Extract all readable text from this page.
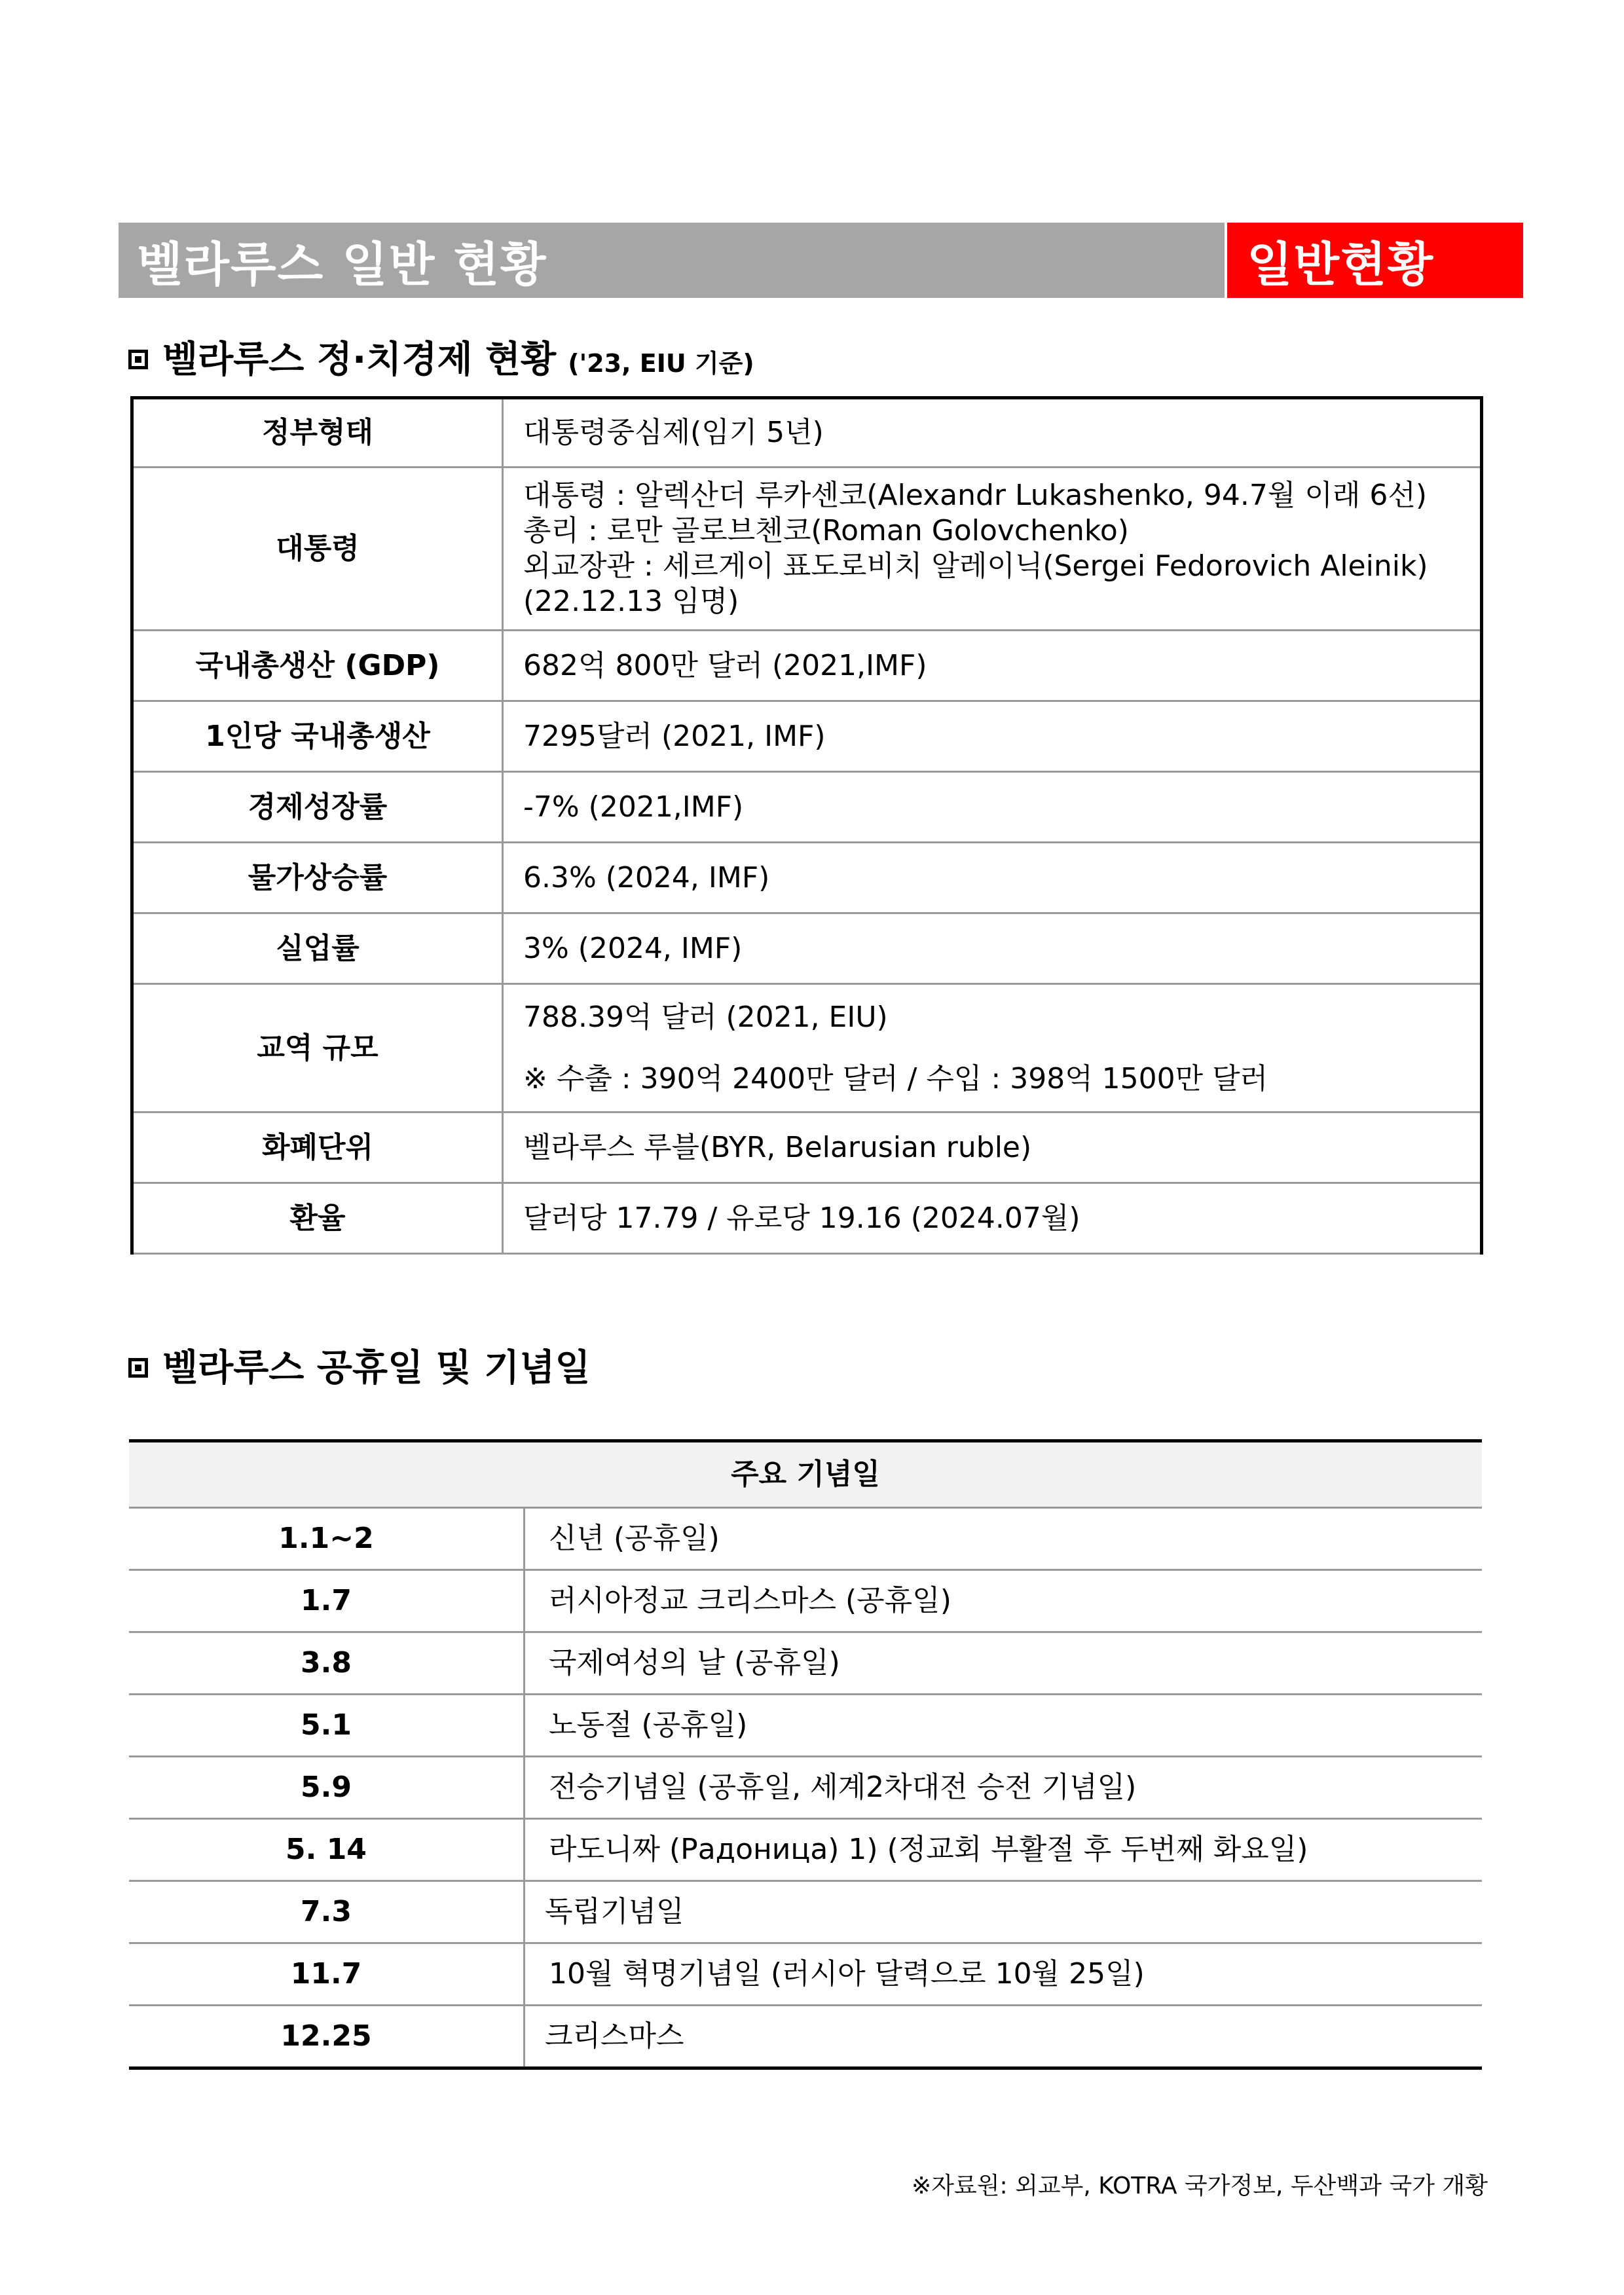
벨라루스 일반 현황	일반현황
벨라루스 정·치경제 현황 ('23, EIU 기준)
정부형태	대통령중심제(임기 5년)

대통령	대통령 : 알렉산더 루카센코(Alexandr Lukashenko, 94.7월 이래 6선)
총리 : 로만 골로브첸코(Roman Golovchenko)
외교장관 : 세르게이 표도로비치 알레이닉(Sergei Fedorovich Aleinik)
(22.12.13 임명)

국내총생산 (GDP)	682억 800만 달러 (2021,IMF)

1인당 국내총생산	7295달러 (2021, IMF)

경제성장률	-7% (2021,IMF)

물가상승률	6.3% (2024, IMF)

실업률	3% (2024, IMF)

교역 규모	788.39억 달러 (2021, EIU)
※ 수출 : 390억 2400만 달러 / 수입 : 398억 1500만 달러

화폐단위	벨라루스 루블(BYR, Belarusian ruble)

환율	달러당 17.79 / 유로당 19.16 (2024.07월)
벨라루스 공휴일 및 기념일
주요 기념일	
1.1~2	신년 (공휴일)
1.7	러시아정교 크리스마스 (공휴일)
3.8	국제여성의 날 (공휴일)
5.1	노동절 (공휴일)
5.9	전승기념일 (공휴일, 세계2차대전 승전 기념일)
5. 14	라도니짜 (Радоница) 1) (정교회 부활절 후 두번째 화요일)
7.3	독립기념일
11.7	10월 혁명기념일 (러시아 달력으로 10월 25일)
12.25	크리스마스
※자료원: 외교부, KOTRA 국가정보, 두산백과 국가 개황
